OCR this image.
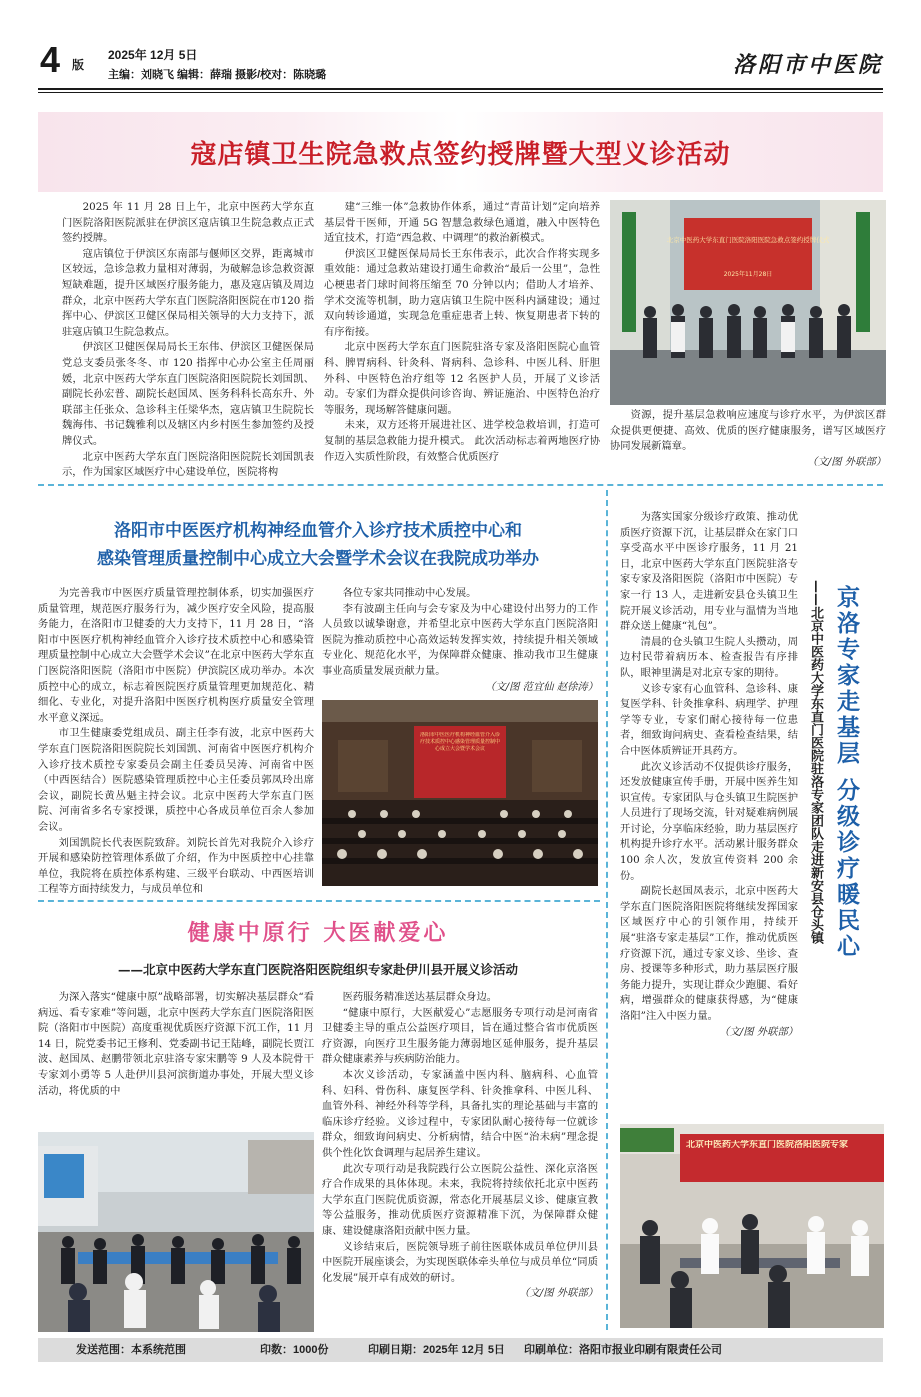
4 版
2025年 12月 5日
主编：刘晓飞 编辑：薛瑞 摄影/校对：陈晓璐	洛阳市中医院
寇店镇卫生院急救点签约授牌暨大型义诊活动

2025 年 11 月 28 日上午，北京中医药大学东直门医院洛阳医院派驻在伊滨区寇店镇卫生院急救点正式签约授牌。

寇店镇位于伊滨区东南部与偃师区交界，距离城市区较远，急诊急救力量相对薄弱，为破解急诊急救资源短缺难题，提升区域医疗服务能力，惠及寇店镇及周边群众，北京中医药大学东直门医院洛阳医院在市120 指挥中心、伊滨区卫健区保局相关领导的大力支持下，派驻寇店镇卫生院急救点。

伊滨区卫健医保局局长王东伟、伊滨区卫健医保局党总支委员张冬冬、市 120 指挥中心办公室主任周丽媛，北京中医药大学东直门医院洛阳医院院长刘国凯、副院长孙宏普、副院长赵国凤、医务科科长高东升、外联部主任张众、急诊科主任梁华杰，寇店镇卫生院院长魏海伟、书记魏雅利以及辖区内乡村医生参加签约及授牌仪式。

北京中医药大学东直门医院洛阳医院院长刘国凯表示，作为国家区域医疗中心建设单位，医院将构

建“三维一体”急救协作体系，通过“青苗计划”定向培养基层骨干医师，开通 5G 智慧急救绿色通道，融入中医特色适宜技术，打造“西急救、中调理”的救治新模式。

伊滨区卫健医保局局长王东伟表示，此次合作将实现多重效能：通过急救站建设打通生命救治“最后一公里”，急性心梗患者门球时间将压缩至 70 分钟以内；借助人才培养、学术交流等机制，助力寇店镇卫生院中医科内涵建设；通过双向转诊通道，实现急危重症患者上转、恢复期患者下转的有序衔接。

北京中医药大学东直门医院驻洛专家及洛阳医院心血管科、脾胃病科、针灸科、肾病科、急诊科、中医儿科、肝胆外科、中医特色治疗组等 12 名医护人员，开展了义诊活动。专家们为群众提供问诊咨询、辨证施治、中医特色治疗等服务，现场解答健康问题。

未来，双方还将开展进社区、进学校急救培训，打造可复制的基层急救能力提升模式。 此次活动标志着两地医疗协作迈入实质性阶段，有效整合优质医疗

北京中医药大学东直门医院洛阳医院急救点签约授牌仪式
2025年11月28日

资源，提升基层急救响应速度与诊疗水平，为伊滨区群众提供更便捷、高效、优质的医疗健康服务，谱写区域医疗协同发展新篇章。

（文/图 外联部）

洛阳市中医医疗机构神经血管介入诊疗技术质控中心和
感染管理质量控制中心成立大会暨学术会议在我院成功举办

为完善我市中医医疗质量管理控制体系，切实加强医疗质量管理，规范医疗服务行为，减少医疗安全风险，提高服务能力，在洛阳市卫健委的大力支持下，11 月 28 日，“洛阳市中医医疗机构神经血管介入诊疗技术质控中心和感染管理质量控制中心成立大会暨学术会议”在北京中医药大学东直门医院洛阳医院（洛阳市中医院）伊滨院区成功举办。本次质控中心的成立，标志着医院医疗质量管理更加规范化、精细化、专业化，对提升洛阳中医医疗机构医疗质量安全管理水平意义深远。

市卫生健康委党组成员、副主任李有波，北京中医药大学东直门医院洛阳医院院长刘国凯、河南省中医医疗机构介入诊疗技术质控专家委员会副主任委员吴涛、河南省中医（中西医结合）医院感染管理质控中心主任委员郭凤玲出席会议，副院长黄丛魁主持会议。北京中医药大学东直门医院、河南省多名专家授课，质控中心各成员单位百余人参加会议。

刘国凯院长代表医院致辞。刘院长首先对我院介入诊疗开展和感染防控管理体系做了介绍，作为中医质控中心挂靠单位，我院将在质控体系构建、三级平台联动、中西医培训工程等方面持续发力，与成员单位和

各位专家共同推动中心发展。

李有波副主任向与会专家及为中心建设付出努力的工作人员致以诚挚谢意，并希望北京中医药大学东直门医院洛阳医院为推动质控中心高效运转发挥实效，持续提升相关领域专业化、规范化水平，为保障群众健康、推动我市卫生健康事业高质量发展贡献力量。

（文/图 范宜仙 赵徐涛）

洛阳市中医医疗机构神经血管介入诊疗技术质控中心感染管理质量控制中心成立大会暨学术会议
健康中原行 大医献爱心
——北京中医药大学东直门医院洛阳医院组织专家赴伊川县开展义诊活动

为深入落实“健康中原”战略部署，切实解决基层群众“看病远、看专家难”等问题，北京中医药大学东直门医院洛阳医院（洛阳市中医院）高度重视优质医疗资源下沉工作，11 月 14 日，院党委书记王修利、党委副书记王陆峰，副院长贾江波、赵国凤、赵鹏带领北京驻洛专家宋鹏等 9 人及本院骨干专家刘小勇等 5 人赴伊川县河滨街道办事处，开展大型义诊活动，将优质的中

医药服务精准送达基层群众身边。

“健康中原行，大医献爱心”志愿服务专项行动是河南省卫健委主导的重点公益医疗项目，旨在通过整合省市优质医疗资源，向医疗卫生服务能力薄弱地区延伸服务，提升基层群众健康素养与疾病防治能力。

本次义诊活动，专家涵盖中医内科、脑病科、心血管科、妇科、骨伤科、康复医学科、针灸推拿科、中医儿科、血管外科、神经外科等学科，具备扎实的理论基础与丰富的临床诊疗经验。义诊过程中，专家团队耐心接待每一位就诊群众，细致询问病史、分析病情，结合中医“治未病”理念提供个性化饮食调理与起居养生建议。

此次专项行动是我院践行公立医院公益性、深化京洛医疗合作成果的具体体现。未来，我院将持续依托北京中医药大学东直门医院优质资源，常态化开展基层义诊、健康宣教等公益服务，推动优质医疗资源精准下沉，为保障群众健康、建设健康洛阳贡献中医力量。

义诊结束后，医院领导班子前往医联体成员单位伊川县中医院开展座谈会，为实现医联体牵头单位与成员单位“同质化发展”展开卓有成效的研讨。

（文/图 外联部）

为落实国家分级诊疗政策、推动优质医疗资源下沉，让基层群众在家门口享受高水平中医诊疗服务，11 月 21 日，北京中医药大学东直门医院驻洛专家专家及洛阳医院（洛阳市中医院）专家一行 13 人，走进新安县仓头镇卫生院开展义诊活动，用专业与温情为当地群众送上健康“礼包”。

清晨的仓头镇卫生院人头攒动，周边村民带着病历本、检查报告有序排队，眼神里满是对北京专家的期待。

义诊专家有心血管科、急诊科、康复医学科、针灸推拿科、病理学、护理学等专业，专家们耐心接待每一位患者，细致询问病史、查看检查结果，结合中医体质辨证开具药方。

此次义诊活动不仅提供诊疗服务，还发放健康宣传手册，开展中医养生知识宣传。专家团队与仓头镇卫生院医护人员进行了现场交流，针对疑难病例展开讨论，分享临床经验，助力基层医疗机构提升诊疗水平。活动累计服务群众 100 余人次，发放宣传资料 200 余份。

副院长赵国凤表示，北京中医药大学东直门医院洛阳医院将继续发挥国家区域医疗中心的引领作用，持续开展“驻洛专家走基层”工作，推动优质医疗资源下沉，通过专家义诊、坐诊、查房、授课等多种形式，助力基层医疗服务能力提升，实现让群众少跑腿、看好病，增强群众的健康获得感，为“健康洛阳”注入中医力量。

（文/图 外联部）

京洛专家走基层 分级诊疗暖民心
——北京中医药大学东直门医院驻洛专家团队走进新安县仓头镇
北京中医药大学东直门医院洛阳医院专家
发送范围：本系统范围	印数：1000份	印刷日期：2025年 12月 5日 印刷单位：洛阳市报业印刷有限责任公司
